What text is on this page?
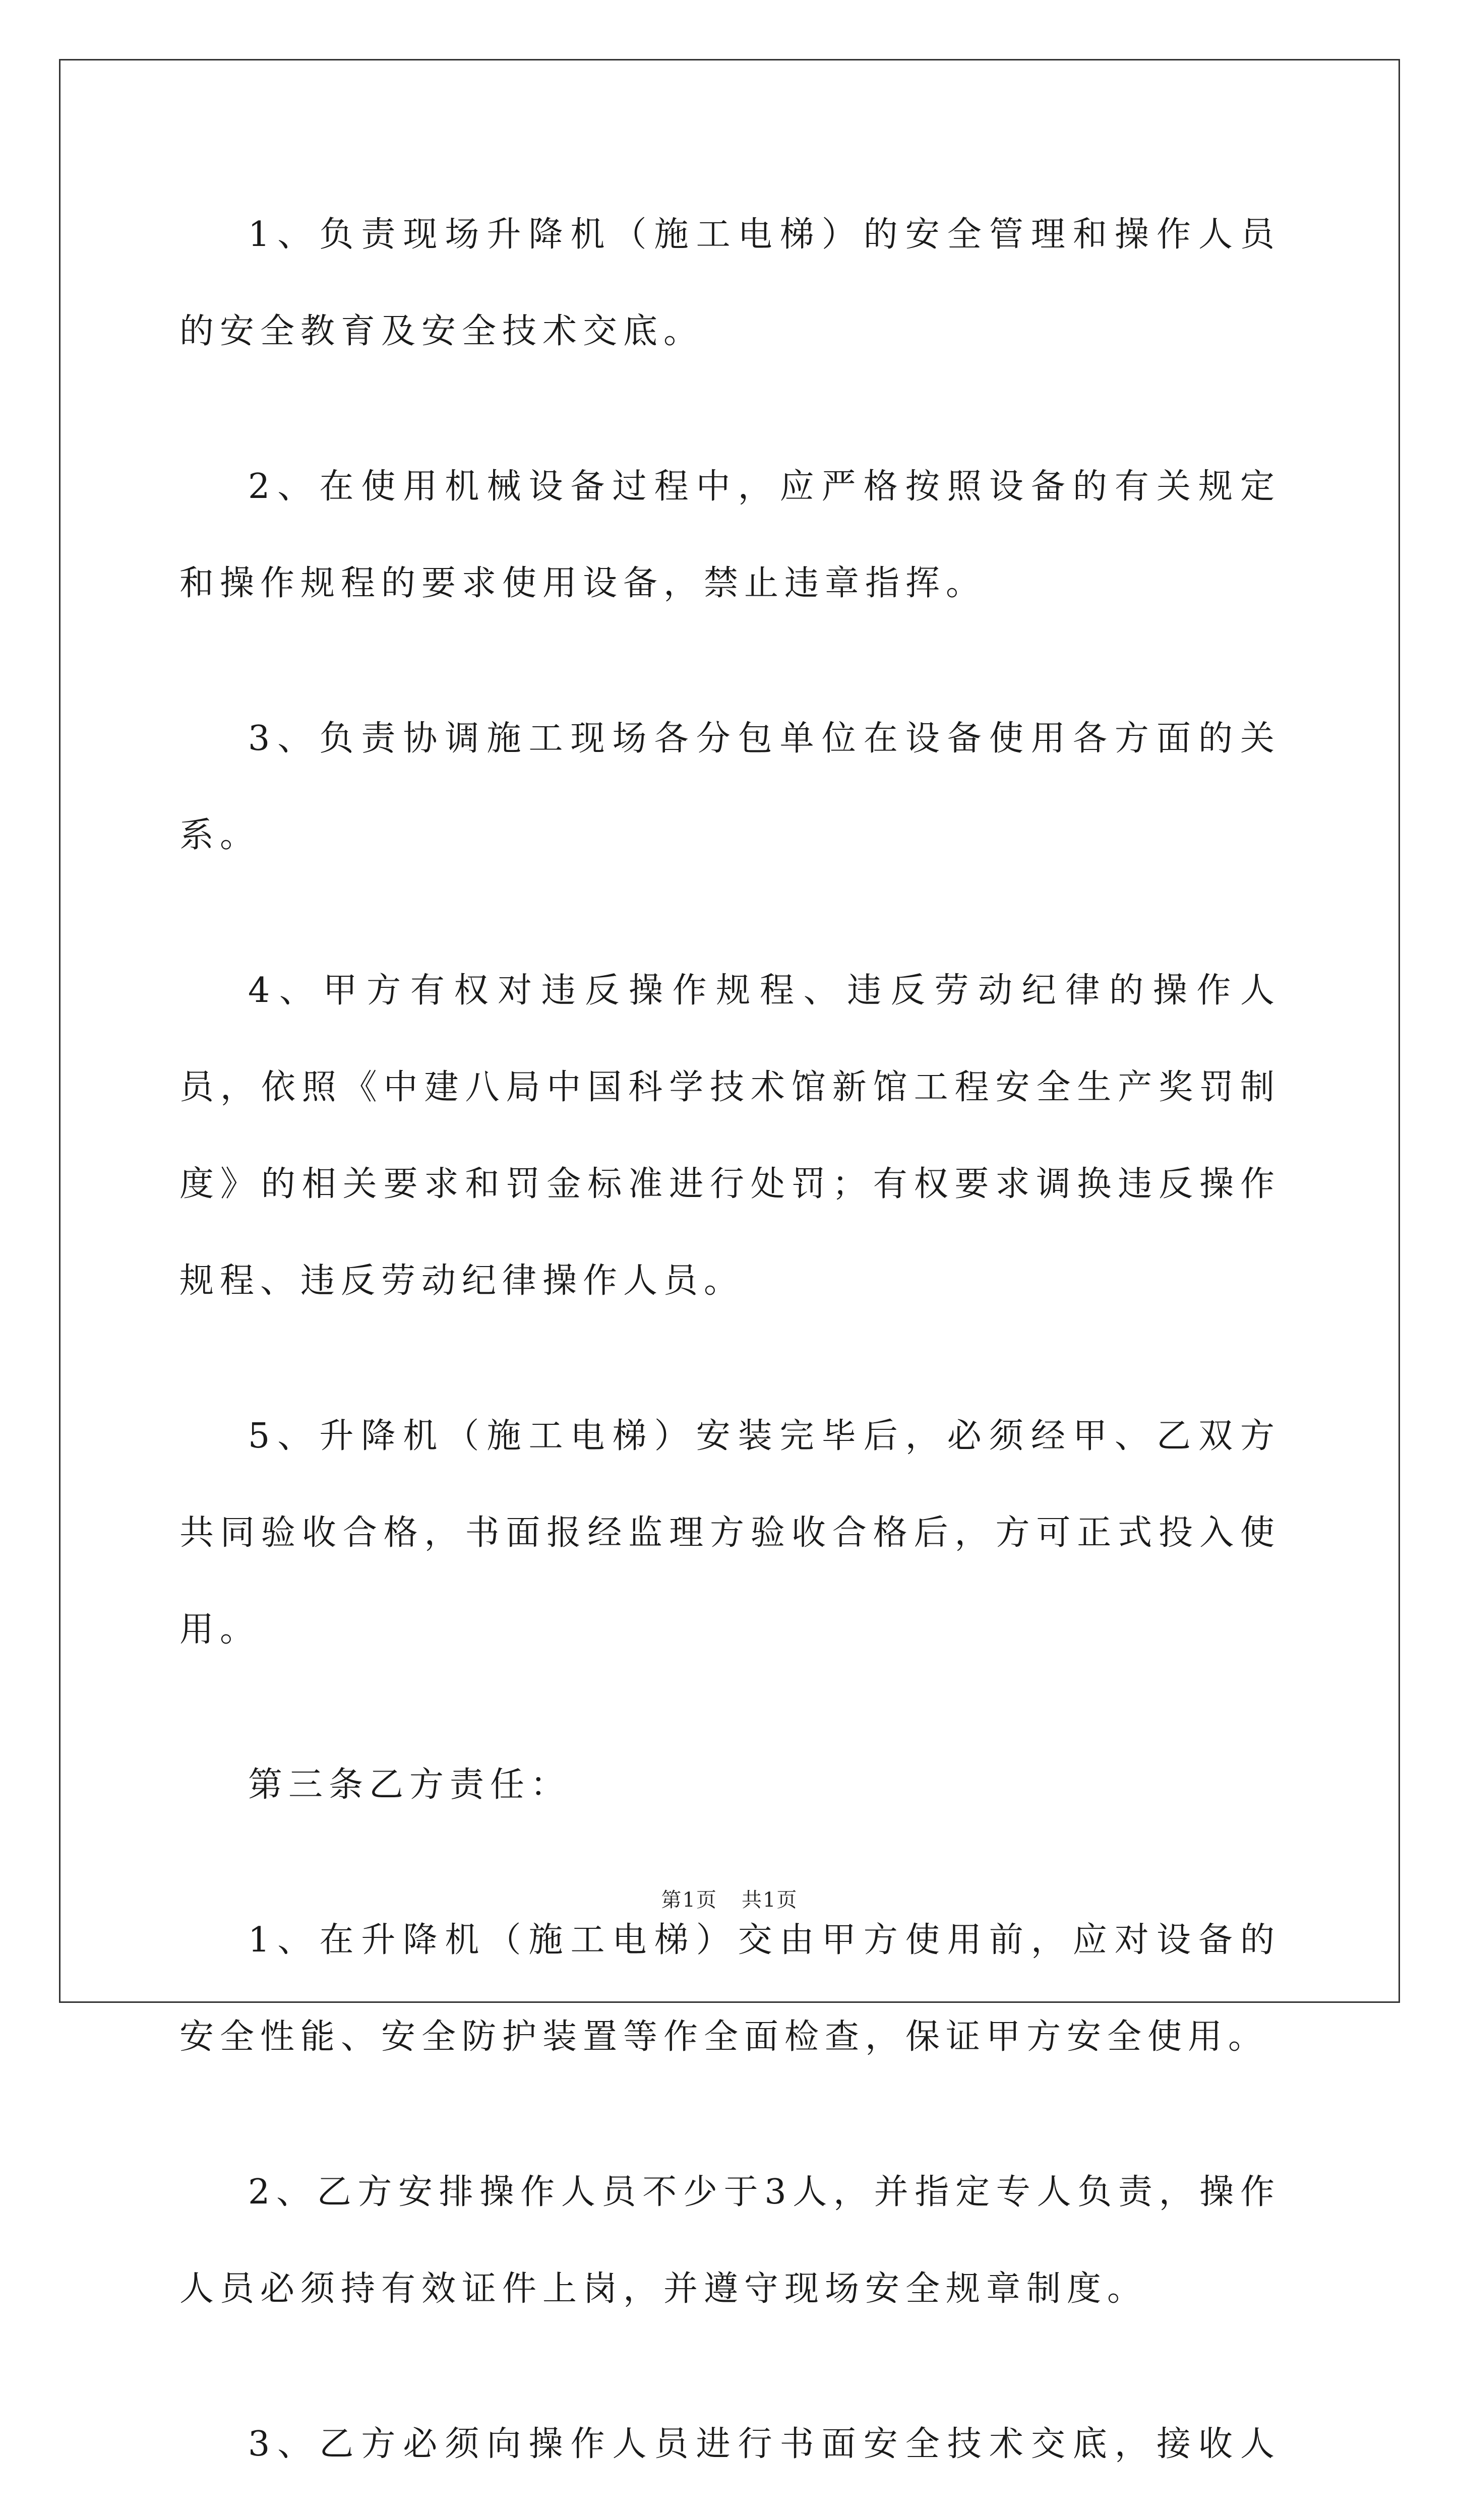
1、负责现场升降机（施工电梯）的安全管理和操作人员的安全教育及安全技术交底。

2、在使用机械设备过程中，应严格按照设备的有关规定和操作规程的要求使用设备，禁止违章指挥。

3、负责协调施工现场各分包单位在设备使用各方面的关系。

4、甲方有权对违反操作规程、违反劳动纪律的操作人员，依照《中建八局中国科学技术馆新馆工程安全生产奖罚制度》的相关要求和罚金标准进行处罚；有权要求调换违反操作规程、违反劳动纪律操作人员。

5、升降机（施工电梯）安装完毕后，必须经甲、乙双方共同验收合格，书面报经监理方验收合格后，方可正式投入使用。

第三条乙方责任：

1、在升降机（施工电梯）交由甲方使用前，应对设备的安全性能、安全防护装置等作全面检查，保证甲方安全使用。

2、乙方安排操作人员不少于3人，并指定专人负责，操作人员必须持有效证件上岗，并遵守现场安全规章制度。

3、乙方必须向操作人员进行书面安全技术交底，接收人

第1页 共1页
